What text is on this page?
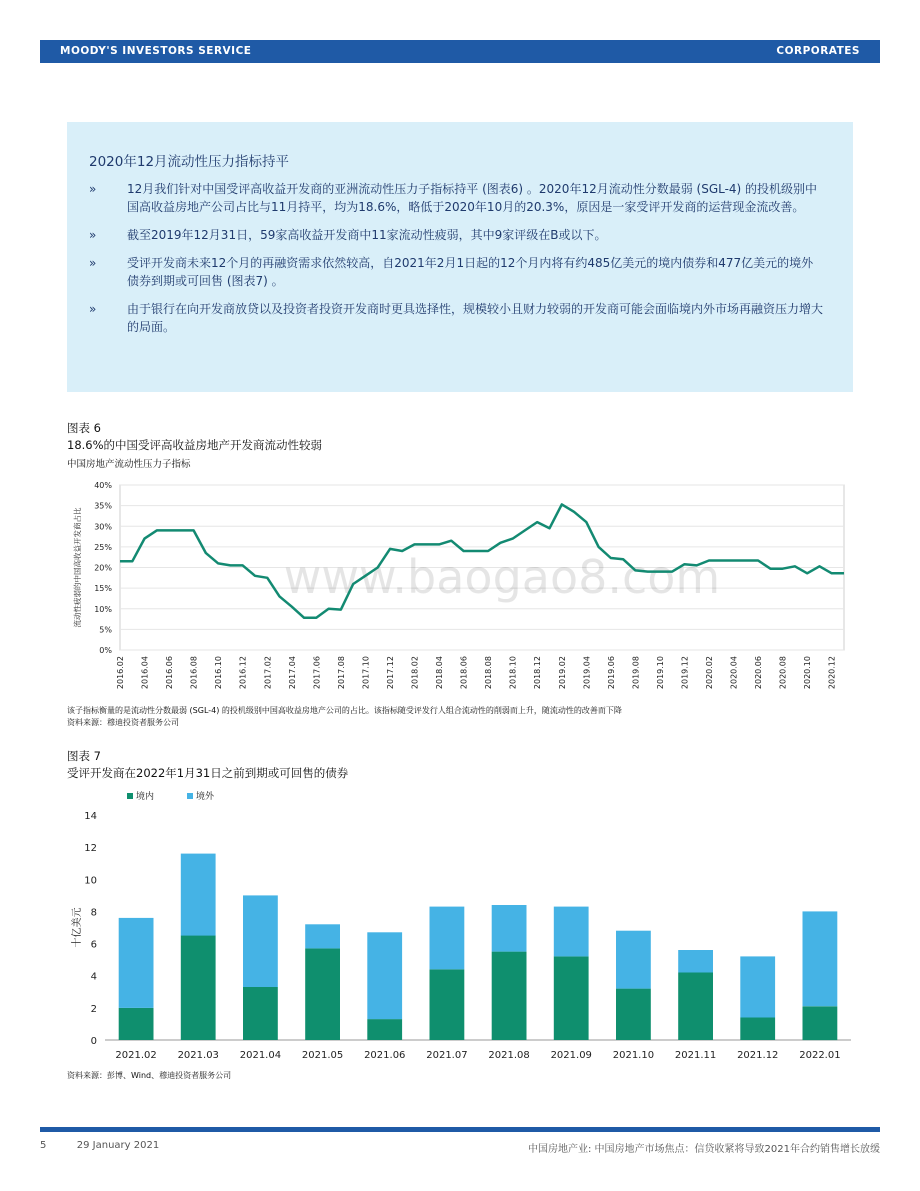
MOODY'S INVESTORS SERVICE	CORPORATES
2020年12月流动性压力指标持平
»	12月我们针对中国受评高收益开发商的亚洲流动性压力子指标持平 (图表6) 。2020年12月流动性分数最弱 (SGL-4) 的投机级别中国高收益房地产公司占比与11月持平，均为18.6%，略低于2020年10月的20.3%，原因是一家受评开发商的运营现金流改善。
»	截至2019年12月31日，59家高收益开发商中11家流动性疲弱，其中9家评级在B或以下。
»	受评开发商未来12个月的再融资需求依然较高，自2021年2月1日起的12个月内将有约485亿美元的境内债券和477亿美元的境外债券到期或可回售 (图表7) 。
»	由于银行在向开发商放贷以及投资者投资开发商时更具选择性，规模较小且财力较弱的开发商可能会面临境内外市场再融资压力增大的局面。
图表 6
18.6%的中国受评高收益房地产开发商流动性较弱
中国房地产流动性压力子指标
0%
5%
10%
15%
20%
25%
30%
35%
40%
2016.02 2016.04 2016.06 2016.08 2016.10 2016.12 2017.02 2017.04 2017.06 2017.08 2017.10 2017.12 2018.02 2018.04 2018.06 2018.08 2018.10 2018.12 2019.02 2019.04 2019.06 2019.08 2019.10 2019.12 2020.02 2020.04 2020.06 2020.08 2020.10 2020.12
流动性疲弱的中国高收益开发商占比	www.baogao8.com
该子指标衡量的是流动性分数最弱 (SGL-4) 的投机级别中国高收益房地产公司的占比。该指标随受评发行人组合流动性的削弱而上升，随流动性的改善而下降
资料来源：穆迪投资者服务公司
图表 7
受评开发商在2022年1月31日之前到期或可回售的债券
境内	境外
0
2
4
6
8
10
12
14
十亿美元
2021.02 2021.03 2021.04 2021.05 2021.06 2021.07 2021.08 2021.09 2021.10 2021.11 2021.12 2022.01
资料来源：彭博、Wind、穆迪投资者服务公司
5	29 January 2021	中国房地产业: 中国房地产市场焦点：信贷收紧将导致2021年合约销售增长放缓
